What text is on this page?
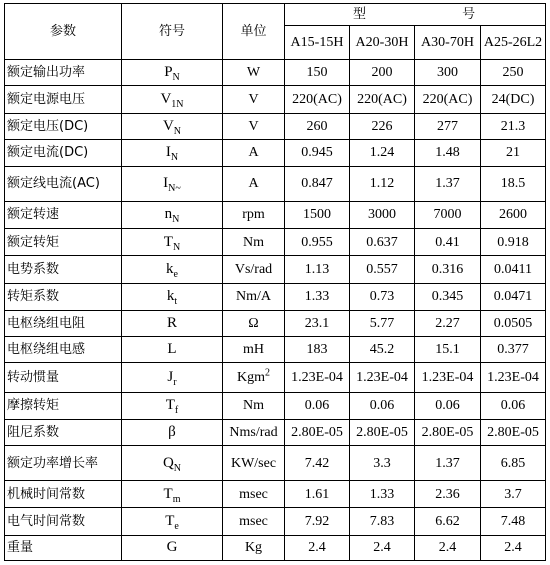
参数	符号	单位	型 号			
			A15-15H	A20-30H	A30-70H	A25-26L2
额定输出功率	$P_N$	W	150	200	300	250
额定电源电压	$V_{1N}$	V	220(AC)	220(AC)	220(AC)	24(DC)
额定电压(DC)	$V_N$	V	260	226	277	21.3
额定电流(DC)	$I_N$	A	0.945	1.24	1.48	21
额定线电流(AC)	$I_{N\sim}$	A	0.847	1.12	1.37	18.5
额定转速	$n_N$	rpm	1500	3000	7000	2600
额定转矩	$T_N$	Nm	0.955	0.637	0.41	0.918
电势系数	$k_e$	Vs/rad	1.13	0.557	0.316	0.0411
转矩系数	$k_t$	Nm/A	1.33	0.73	0.345	0.0471
电枢绕组电阻	R	Ω	23.1	5.77	2.27	0.0505
电枢绕组电感	L	mH	183	45.2	15.1	0.377
转动惯量	$J_r$	Kgm$^2$	1.23E-04	1.23E-04	1.23E-04	1.23E-04
摩擦转矩	$T_f$	Nm	0.06	0.06	0.06	0.06
阻尼系数	β	Nms/rad	2.80E-05	2.80E-05	2.80E-05	2.80E-05
额定功率增长率	$Q_N$	KW/sec	7.42	3.3	1.37	6.85
机械时间常数	$T_m$	msec	1.61	1.33	2.36	3.7
电气时间常数	$T_e$	msec	7.92	7.83	6.62	7.48
重量	G	Kg	2.4	2.4	2.4	2.4
